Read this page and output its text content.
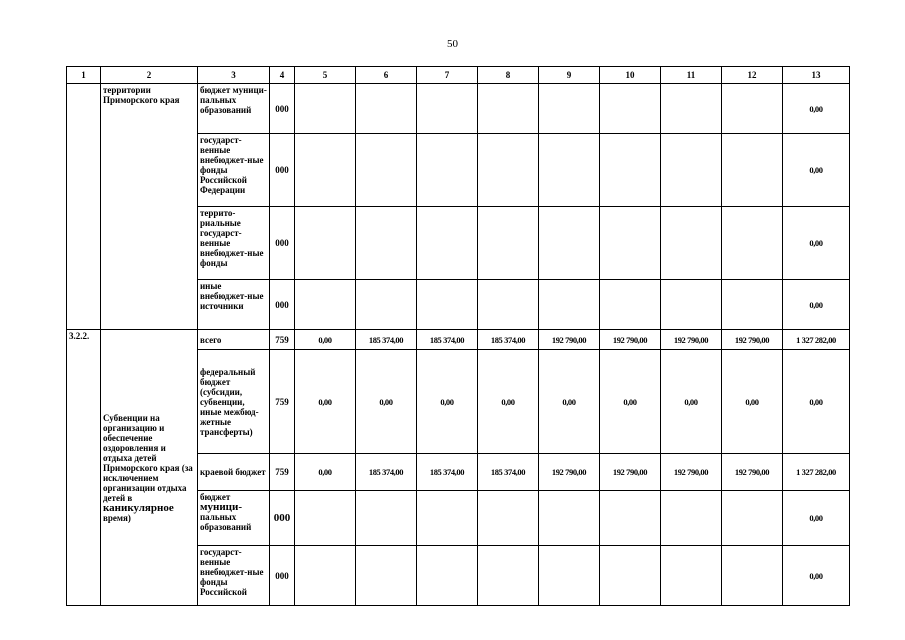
50
1	2	3	4	5	6	7	8	9	10	11	12	13
	территории Приморского края	бюджет муници-пальных образований	000									0,00
		государст-венные внебюджет-ные фонды Российской Федерации	000									0,00
		террито-риальные государст-венные внебюджет-ные фонды	000									0,00
		иные внебюджет-ные источники	000									0,00
3.2.2.	Субвенции на организацию и обеспечение оздоровления и отдыха детей Приморского края (за исключением организации отдыха детей в каникулярное время)	всего	759	0,00	185 374,00	185 374,00	185 374,00	192 790,00	192 790,00	192 790,00	192 790,00	1 327 282,00
		федеральный бюджет (субсидии, субвенции, иные межбюд-жетные трансферты)	759	0,00	0,00	0,00	0,00	0,00	0,00	0,00	0,00	0,00
		краевой бюджет	759	0,00	185 374,00	185 374,00	185 374,00	192 790,00	192 790,00	192 790,00	192 790,00	1 327 282,00
		бюджет муници- пальных образований	000									0,00
		государст-венные внебюджет-ные фонды Российской	000									0,00
